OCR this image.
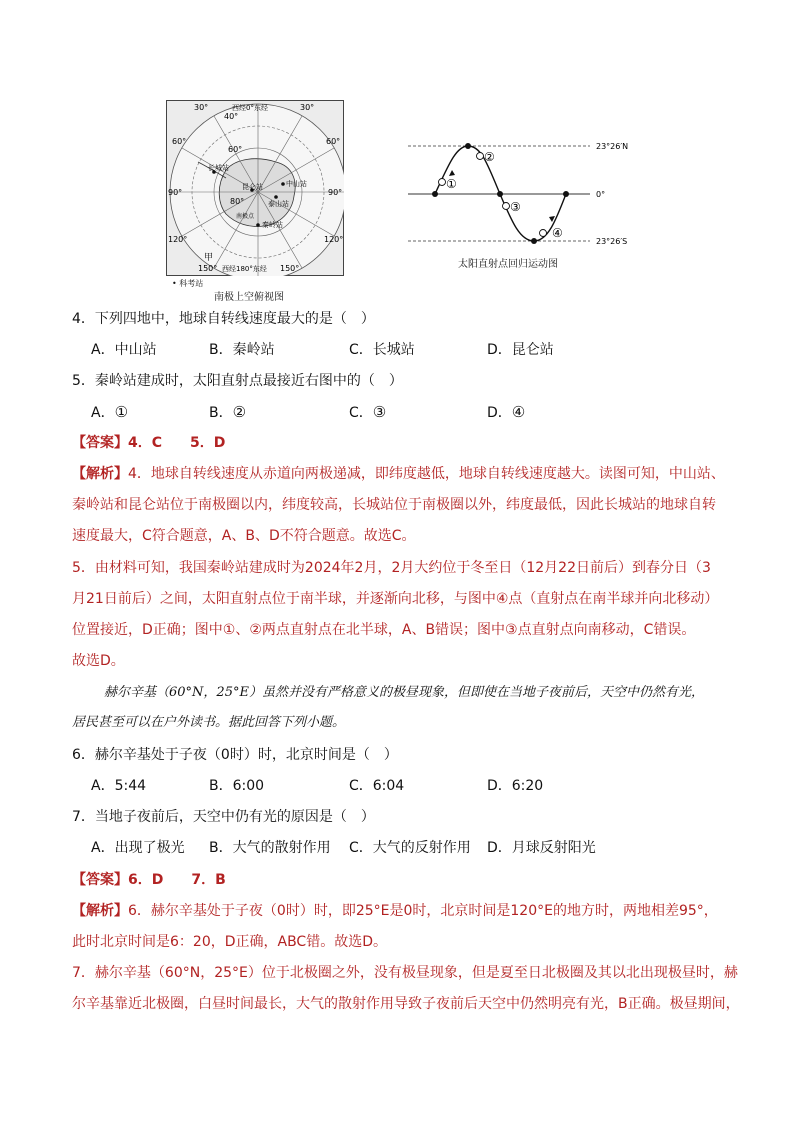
西经0°东经
30°	30°
40°
60°	60°
60°
长城站
90°	90°
昆仑站	中山站
80°	泰山站
南极点
秦岭站
120°	120°
甲
150° 西经180°东经 150°
• 科考站
南极上空俯视图
①
②
③
④
23°26′N
0°
23°26′S
太阳直射点回归运动图
4．下列四地中，地球自转线速度最大的是（　）
A．中山站	B．秦岭站	C．长城站	D．昆仑站
5．秦岭站建成时，太阳直射点最接近右图中的（　）
A．①	B．②	C．③	D．④
【答案】4．C　　5．D
【解析】4．地球自转线速度从赤道向两极递减，即纬度越低，地球自转线速度越大。读图可知，中山站、
秦岭站和昆仑站位于南极圈以内，纬度较高，长城站位于南极圈以外，纬度最低，因此长城站的地球自转
速度最大，C符合题意，A、B、D不符合题意。故选C。
5．由材料可知，我国秦岭站建成时为2024年2月，2月大约位于冬至日（12月22日前后）到春分日（3
月21日前后）之间，太阳直射点位于南半球，并逐渐向北移，与图中④点（直射点在南半球并向北移动）
位置接近，D正确；图中①、②两点直射点在北半球，A、B错误；图中③点直射点向南移动，C错误。
故选D。
赫尔辛基（60°N，25°E）虽然并没有严格意义的极昼现象，但即使在当地子夜前后，天空中仍然有光，
居民甚至可以在户外读书。据此回答下列小题。
6．赫尔辛基处于子夜（0时）时，北京时间是（　）
A．5:44	B．6:00	C．6:04	D．6:20
7．当地子夜前后，天空中仍有光的原因是（　）
A．出现了极光 B．大气的散射作用 C．大气的反射作用 D．月球反射阳光
【答案】6．D　　7．B
【解析】6．赫尔辛基处于子夜（0时）时，即25°E是0时，北京时间是120°E的地方时，两地相差95°，
此时北京时间是6：20，D正确，ABC错。故选D。
7．赫尔辛基（60°N，25°E）位于北极圈之外，没有极昼现象，但是夏至日北极圈及其以北出现极昼时，赫
尔辛基靠近北极圈，白昼时间最长，大气的散射作用导致子夜前后天空中仍然明亮有光，B正确。极昼期间，
